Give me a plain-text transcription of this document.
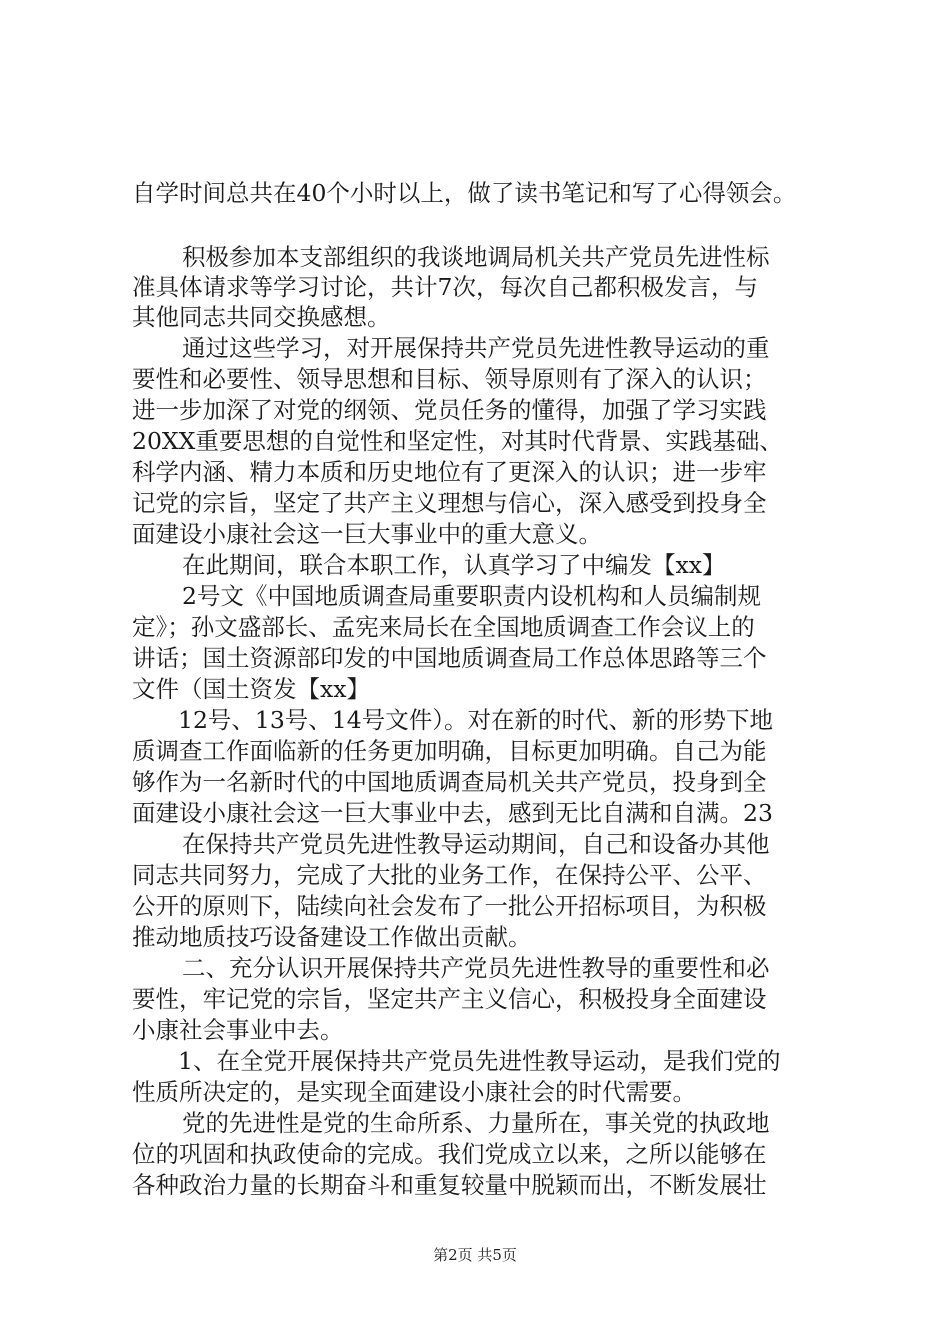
自学时间总共在40个小时以上，做了读书笔记和写了心得领会。
积极参加本支部组织的我谈地调局机关共产党员先进性标
准具体请求等学习讨论，共计7次，每次自己都积极发言，与
其他同志共同交换感想。
通过这些学习，对开展保持共产党员先进性教导运动的重
要性和必要性、领导思想和目标、领导原则有了深入的认识；
进一步加深了对党的纲领、党员任务的懂得，加强了学习实践
20XX重要思想的自觉性和坚定性，对其时代背景、实践基础、
科学内涵、精力本质和历史地位有了更深入的认识；进一步牢
记党的宗旨，坚定了共产主义理想与信心，深入感受到投身全
面建设小康社会这一巨大事业中的重大意义。
在此期间，联合本职工作，认真学习了中编发【xx】
2号文《中国地质调查局重要职责内设机构和人员编制规
定》；孙文盛部长、孟宪来局长在全国地质调查工作会议上的
讲话；国土资源部印发的中国地质调查局工作总体思路等三个
文件（国土资发【xx】
12号、13号、14号文件）。对在新的时代、新的形势下地
质调查工作面临新的任务更加明确，目标更加明确。自己为能
够作为一名新时代的中国地质调查局机关共产党员，投身到全
面建设小康社会这一巨大事业中去，感到无比自满和自满。23
在保持共产党员先进性教导运动期间，自己和设备办其他
同志共同努力，完成了大批的业务工作，在保持公平、公平、
公开的原则下，陆续向社会发布了一批公开招标项目，为积极
推动地质技巧设备建设工作做出贡献。
二、充分认识开展保持共产党员先进性教导的重要性和必
要性，牢记党的宗旨，坚定共产主义信心，积极投身全面建设
小康社会事业中去。
1、在全党开展保持共产党员先进性教导运动，是我们党的
性质所决定的，是实现全面建设小康社会的时代需要。
党的先进性是党的生命所系、力量所在，事关党的执政地
位的巩固和执政使命的完成。我们党成立以来，之所以能够在
各种政治力量的长期奋斗和重复较量中脱颖而出，不断发展壮
第2页 共5页
